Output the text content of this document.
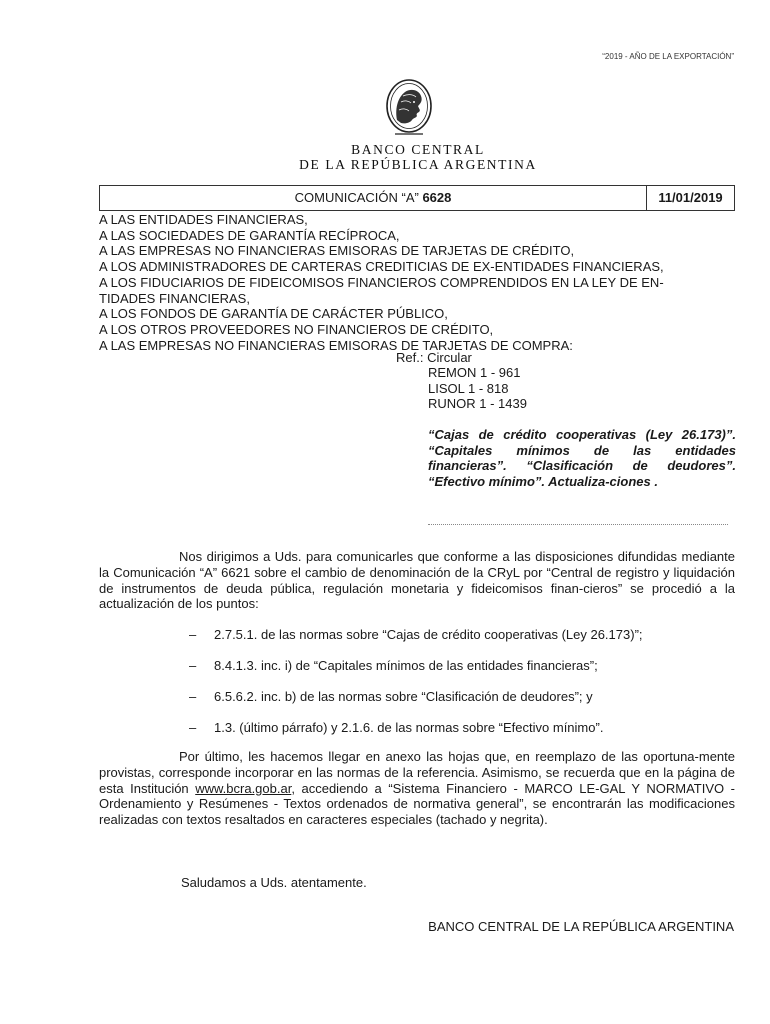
“2019 - AÑO DE LA EXPORTACIÓN”
BANCO CENTRAL
DE LA REPÚBLICA ARGENTINA
COMUNICACIÓN “A” 6628	11/01/2019
A LAS ENTIDADES FINANCIERAS,
A LAS SOCIEDADES DE GARANTÍA RECÍPROCA,
A LAS EMPRESAS NO FINANCIERAS EMISORAS DE TARJETAS DE CRÉDITO,
A LOS ADMINISTRADORES DE CARTERAS CREDITICIAS DE EX-ENTIDADES FINANCIERAS,
A LOS FIDUCIARIOS DE FIDEICOMISOS FINANCIEROS COMPRENDIDOS EN LA LEY DE EN-
TIDADES FINANCIERAS,
A LOS FONDOS DE GARANTÍA DE CARÁCTER PÚBLICO,
A LOS OTROS PROVEEDORES NO FINANCIEROS DE CRÉDITO,
A LAS EMPRESAS NO FINANCIERAS EMISORAS DE TARJETAS DE COMPRA:
Ref.: Circular
REMON 1 - 961
LISOL 1 - 818
RUNOR 1 - 1439
“Cajas de crédito cooperativas (Ley 26.173)”. “Capitales mínimos de las entidades financieras”. “Clasificación de deudores”. “Efectivo mínimo”. Actualiza-ciones .
Nos dirigimos a Uds. para comunicarles que conforme a las disposiciones difundidas mediante la Comunicación “A” 6621 sobre el cambio de denominación de la CRyL por “Central de registro y liquidación de instrumentos de deuda pública, regulación monetaria y fideicomisos finan-cieros” se procedió a la actualización de los puntos:
– 2.7.5.1. de las normas sobre “Cajas de crédito cooperativas (Ley 26.173)”;
– 8.4.1.3. inc. i) de “Capitales mínimos de las entidades financieras”;
– 6.5.6.2. inc. b) de las normas sobre “Clasificación de deudores”; y
– 1.3. (último párrafo) y 2.1.6. de las normas sobre “Efectivo mínimo”.
Por último, les hacemos llegar en anexo las hojas que, en reemplazo de las oportuna-mente provistas, corresponde incorporar en las normas de la referencia. Asimismo, se recuerda que en la página de esta Institución www.bcra.gob.ar, accediendo a “Sistema Financiero - MARCO LE-GAL Y NORMATIVO - Ordenamiento y Resúmenes - Textos ordenados de normativa general”, se encontrarán las modificaciones realizadas con textos resaltados en caracteres especiales (tachado y negrita).
Saludamos a Uds. atentamente.
BANCO CENTRAL DE LA REPÚBLICA ARGENTINA
